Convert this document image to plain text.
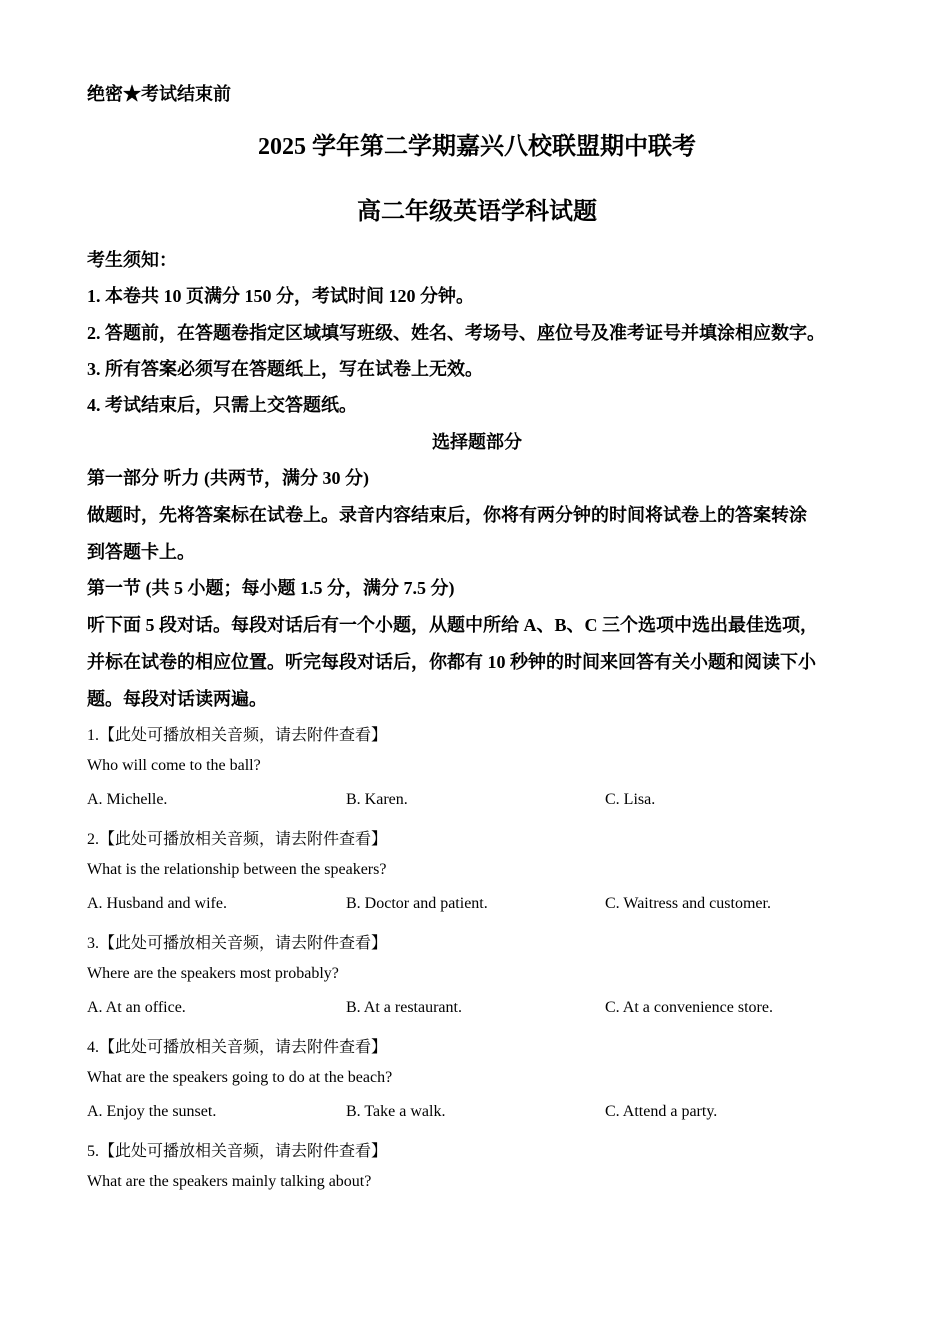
绝密★考试结束前
2025 学年第二学期嘉兴八校联盟期中联考
高二年级英语学科试题
考生须知：
1. 本卷共 10 页满分 150 分，考试时间 120 分钟。
2. 答题前，在答题卷指定区域填写班级、姓名、考场号、座位号及准考证号并填涂相应数字。
3. 所有答案必须写在答题纸上，写在试卷上无效。
4. 考试结束后，只需上交答题纸。
选择题部分
第一部分 听力 (共两节，满分 30 分)
做题时，先将答案标在试卷上。录音内容结束后，你将有两分钟的时间将试卷上的答案转涂
到答题卡上。
第一节 (共 5 小题；每小题 1.5 分，满分 7.5 分)
听下面 5 段对话。每段对话后有一个小题，从题中所给 A、B、C 三个选项中选出最佳选项，
并标在试卷的相应位置。听完每段对话后，你都有 10 秒钟的时间来回答有关小题和阅读下小
题。每段对话读两遍。
1.【此处可播放相关音频，请去附件查看】
Who will come to the ball?
A. Michelle.	B. Karen.	C. Lisa.
2.【此处可播放相关音频，请去附件查看】
What is the relationship between the speakers?
A. Husband and wife.	B. Doctor and patient.	C. Waitress and customer.
3.【此处可播放相关音频，请去附件查看】
Where are the speakers most probably?
A. At an office.	B. At a restaurant.	C. At a convenience store.
4.【此处可播放相关音频，请去附件查看】
What are the speakers going to do at the beach?
A. Enjoy the sunset.	B. Take a walk.	C. Attend a party.
5.【此处可播放相关音频，请去附件查看】
What are the speakers mainly talking about?
